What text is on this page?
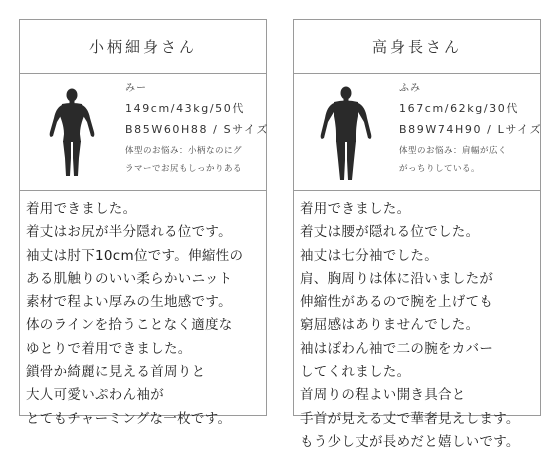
小柄細身さん
みー
149cm/43kg/50代
B85W60H88 / Sサイズ
体型のお悩み：小柄なのにグ
ラマーでお尻もしっかりある
着用できました。
着丈はお尻が半分隠れる位です。
袖丈は肘下10cm位です。伸縮性の
ある肌触りのいい柔らかいニット
素材で程よい厚みの生地感です。
体のラインを拾うことなく適度な
ゆとりで着用できました。
鎖骨か綺麗に見える首周りと
大人可愛いぷわん袖が
とてもチャーミングな一枚です。
高身長さん
ふみ
167cm/62kg/30代
B89W74H90 / Lサイズ
体型のお悩み：肩幅が広く
がっちりしている。
着用できました。
着丈は腰が隠れる位でした。
袖丈は七分袖でした。
肩、胸周りは体に沿いましたが
伸縮性があるので腕を上げても
窮屈感はありませんでした。
袖はぽわん袖で二の腕をカバー
してくれました。
首周りの程よい開き具合と
手首が見える丈で華奢見えします。
もう少し丈が長めだと嬉しいです。
